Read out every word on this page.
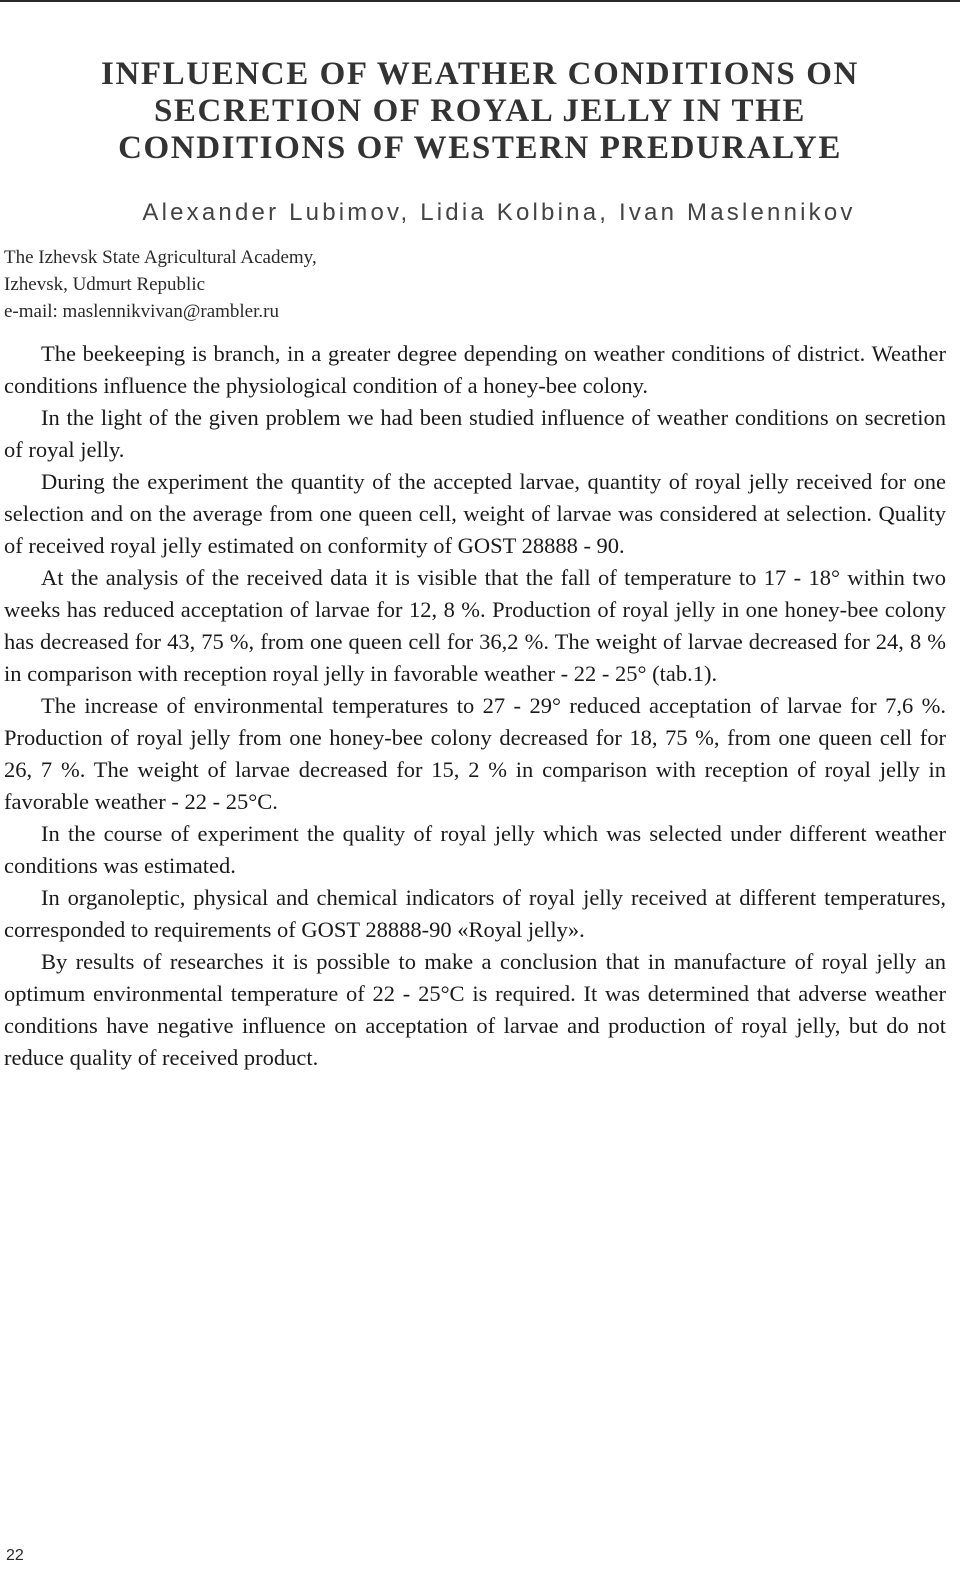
INFLUENCE OF WEATHER CONDITIONS ON
SECRETION OF ROYAL JELLY IN THE
CONDITIONS OF WESTERN PREDURALYE
Alexander Lubimov, Lidia Kolbina, Ivan Maslennikov
The Izhevsk State Agricultural Academy,
Izhevsk, Udmurt Republic
e-mail: maslennikvivan@rambler.ru

The beekeeping is branch, in a greater degree depending on weather conditions of district. Weather conditions influence the physiological condition of a honey-bee colony.

In the light of the given problem we had been studied influence of weather conditions on secretion of royal jelly.

During the experiment the quantity of the accepted larvae, quantity of royal jelly received for one selection and on the average from one queen cell, weight of larvae was considered at selection. Quality of received royal jelly estimated on conformity of GOST 28888 - 90.

At the analysis of the received data it is visible that the fall of temperature to 17 - 18° within two weeks has reduced acceptation of larvae for 12, 8 %. Production of royal jelly in one honey-bee colony has decreased for 43, 75 %, from one queen cell for 36,2 %. The weight of larvae decreased for 24, 8 % in comparison with reception royal jelly in favorable weather - 22 - 25° (tab.1).

The increase of environmental temperatures to 27 - 29° reduced acceptation of larvae for 7,6 %. Production of royal jelly from one honey-bee colony decreased for 18, 75 %, from one queen cell for 26, 7 %. The weight of larvae decreased for 15, 2 % in comparison with reception of royal jelly in favorable weather - 22 - 25°C.

In the course of experiment the quality of royal jelly which was selected under different weather conditions was estimated.

In organoleptic, physical and chemical indicators of royal jelly received at different temperatures, corresponded to requirements of GOST 28888-90 «Royal jelly».

By results of researches it is possible to make a conclusion that in manufacture of royal jelly an optimum environmental temperature of 22 - 25°C is required. It was determined that adverse weather conditions have negative influence on acceptation of larvae and production of royal jelly, but do not reduce quality of received product.

22
